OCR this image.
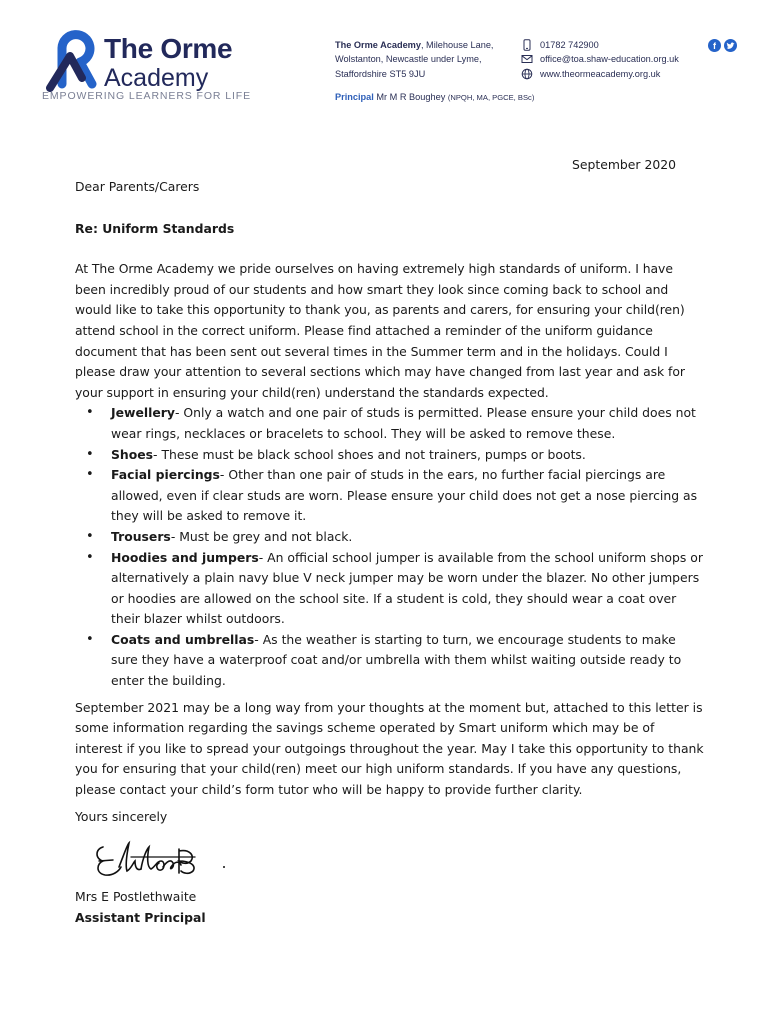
The Orme
Academy
EMPOWERING LEARNERS FOR LIFE
The Orme Academy, Milehouse Lane,
Wolstanton, Newcastle under Lyme,
Staffordshire ST5 9JU
01782 742900
office@toa.shaw-education.org.uk
www.theormeacademy.org.uk
f
Principal Mr M R Boughey (NPQH, MA, PGCE, BSc)
September 2020

Dear Parents/Carers

Re: Uniform Standards

At The Orme Academy we pride ourselves on having extremely high standards of uniform. I have been incredibly proud of our students and how smart they look since coming back to school and would like to take this opportunity to thank you, as parents and carers, for ensuring your child(ren) attend school in the correct uniform. Please find attached a reminder of the uniform guidance document that has been sent out several times in the Summer term and in the holidays. Could I please draw your attention to several sections which may have changed from last year and ask for your support in ensuring your child(ren) understand the standards expected.

• Jewellery- Only a watch and one pair of studs is permitted. Please ensure your child does not wear rings, necklaces or bracelets to school. They will be asked to remove these.
• Shoes- These must be black school shoes and not trainers, pumps or boots.
• Facial piercings- Other than one pair of studs in the ears, no further facial piercings are allowed, even if clear studs are worn. Please ensure your child does not get a nose piercing as they will be asked to remove it.
• Trousers- Must be grey and not black.
• Hoodies and jumpers- An official school jumper is available from the school uniform shops or alternatively a plain navy blue V neck jumper may be worn under the blazer. No other jumpers or hoodies are allowed on the school site. If a student is cold, they should wear a coat over their blazer whilst outdoors.
• Coats and umbrellas- As the weather is starting to turn, we encourage students to make sure they have a waterproof coat and/or umbrella with them whilst waiting outside ready to enter the building.

September 2021 may be a long way from your thoughts at the moment but, attached to this letter is some information regarding the savings scheme operated by Smart uniform which may be of interest if you like to spread your outgoings throughout the year. May I take this opportunity to thank you for ensuring that your child(ren) meet our high uniform standards. If you have any questions, please contact your child’s form tutor who will be happy to provide further clarity.

Yours sincerely

Mrs E Postlethwaite

Assistant Principal
